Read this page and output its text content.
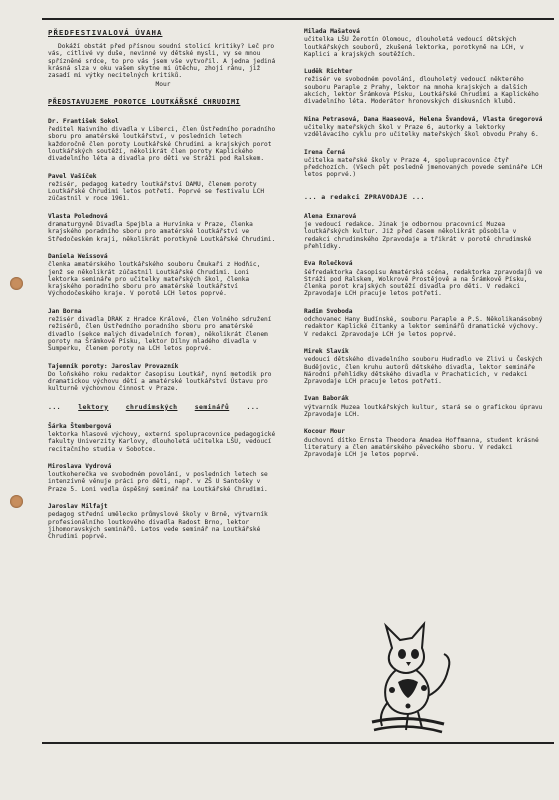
PŘEDFESTIVALOVÁ ÚVAHA

Dokáží obstát před přísnou soudní stolicí kritiky? Leč pro vás, citlivé vy duše, nevinné vy dětské mysli, vy se mnou spřízněné srdce, to pro vás jsem vše vytvořil. A jedna jediná krásná slza v oku vašem skytne mi útěchu, zhojí ránu, již zasadí mi výtky necitelných kritiků.

Mour
PŘEDSTAVUJEME POROTCE LOUTKÁŘSKÉ CHRUDIMI
Dr. František Sokol

ředitel Naivního divadla v Liberci, člen Ústředního poradního sboru pro amatérské loutkářství, v posledních letech každoročně člen poroty Loutkářské Chrudimi a krajských porot loutkářských soutěží, několikrát člen poroty Kaplického divadelního léta a divadla pro děti ve Stráži pod Ralskem.

Pavel Vašíček

režisér, pedagog katedry loutkářství DAMU, členem poroty Loutkářské Chrudimi letos potřetí. Poprvé se festivalu LCH zúčastnil v roce 1961.

Vlasta Polednová

dramaturgyně Divadla Spejbla a Hurvínka v Praze, členka krajského poradního sboru pro amatérské loutkářství ve Středočeském kraji, několikrát porotkyně Loutkářské Chrudimi.

Daniela Weissová

členka amatérského loutkářského souboru Čmukaři z Hodňic, jenž se několikrát zúčastnil Loutkářské Chrudimi. Loni lektorka semináře pro učitelky mateřských škol, členka krajského poradního sboru pro amatérské loutkářství Východočeského kraje. V porotě LCH letos poprvé.

Jan Borna

režisér divadla DRAK z Hradce Králové, člen Volného sdružení režisérů, člen Ústředního poradního sboru pro amatérské divadlo (sekce malých divadelních forem), několikrát členem poroty na Šrámkově Písku, lektor Dílny mladého divadla v Šumperku, členem poroty na LCH letos poprvé.

Tajemník poroty: Jaroslav Provazník

Do loňského roku redaktor časopisu Loutkář, nyní metodik pro dramatickou výchovu dětí a amatérské loutkářství Ústavu pro kulturně výchovnou činnost v Praze.

...	lektory	chrudimských	seminářů	...
Šárka Štembergová

lektorka hlasové výchovy, externí spolupracovnice pedagogické fakulty Univerzity Karlovy, dlouholetá učitelka LŠU, vedoucí recitačního studia v Sobotce.

Miroslava Vydrová

loutkoherečka ve svobodném povolání, v posledních letech se intenzívně věnuje práci pro děti, např. v ZŠ U Santošky v Praze 5. Loni vedla úspěšný seminář na Loutkářské Chrudimi.

Jaroslav Milfajt

pedagog střední umělecko průmyslové školy v Brně, výtvarník profesionálního loutkového divadla Radost Brno, lektor jihomoravských seminářů. Letos vede seminář na Loutkářské Chrudimi poprvé.

Milada Mašatová

učitelka LŠU Žerotín Olomouc, dlouholetá vedoucí dětských loutkářských souborů, zkušená lektorka, porotkyně na LCH, v Kaplici a krajských soutěžích.

Luděk Richter

režisér ve svobodném povolání, dlouholetý vedoucí některého souboru Paraple z Prahy, lektor na mnoha krajských a dalších akcích, lektor Šrámkova Písku, Loutkářské Chrudimi a Kaplického divadelního léta. Moderátor hronovských diskusních klubů.

Nina Petrasová, Dana Haaseová, Helena Švandová, Vlasta Gregorová

učitelky mateřských škol v Praze 6, autorky a lektorky vzdělávacího cyklu pro učitelky mateřských škol obvodu Prahy 6.

Irena Černá

učitelka mateřské školy v Praze 4, spolupracovnice čtyř předchozích. (Všech pět posledně jmenovaných povede semináře LCH letos poprvé.)

... a redakci ZPRAVODAJE ...
Alena Exnarová

je vedoucí redakce. Jinak je odbornou pracovnicí Muzea loutkářských kultur. Již před časem několikrát působila v redakci chrudimského Zpravodaje a třikrát v porotě chrudimské přehlídky.

Eva Rolečková

šéfredaktorka časopisu Amatérská scéna, redaktorka zpravodajů ve Stráži pod Ralskem, Wolkrově Prostějově a na Šrámkově Písku, členka porot krajských soutěží divadla pro děti. V redakci Zpravodaje LCH pracuje letos potřetí.

Radim Svoboda

odchovanec Hany Budínské, souboru Paraple a P.S. Několikanásobný redaktor Kaplické čítanky a lektor seminářů dramatické výchovy. V redakci Zpravodaje LCH je letos poprvé.

Mirek Slavík

vedoucí dětského divadelního souboru Hudradlo ve Zlivi u Českých Budějovic, člen kruhu autorů dětského divadla, lektor semináře Národní přehlídky dětského divadla v Prachaticích, v redakci Zpravodaje LCH pracuje letos potřetí.

Ivan Baborák

výtvarník Muzea loutkářských kultur, stará se o grafickou úpravu Zpravodaje LCH.

Kocour Mour

duchovní dítko Ernsta Theodora Amadea Hoffmanna, student krásné literatury a člen amatérského pěveckého sboru. V redakci Zpravodaje LCH je letos poprvé.
